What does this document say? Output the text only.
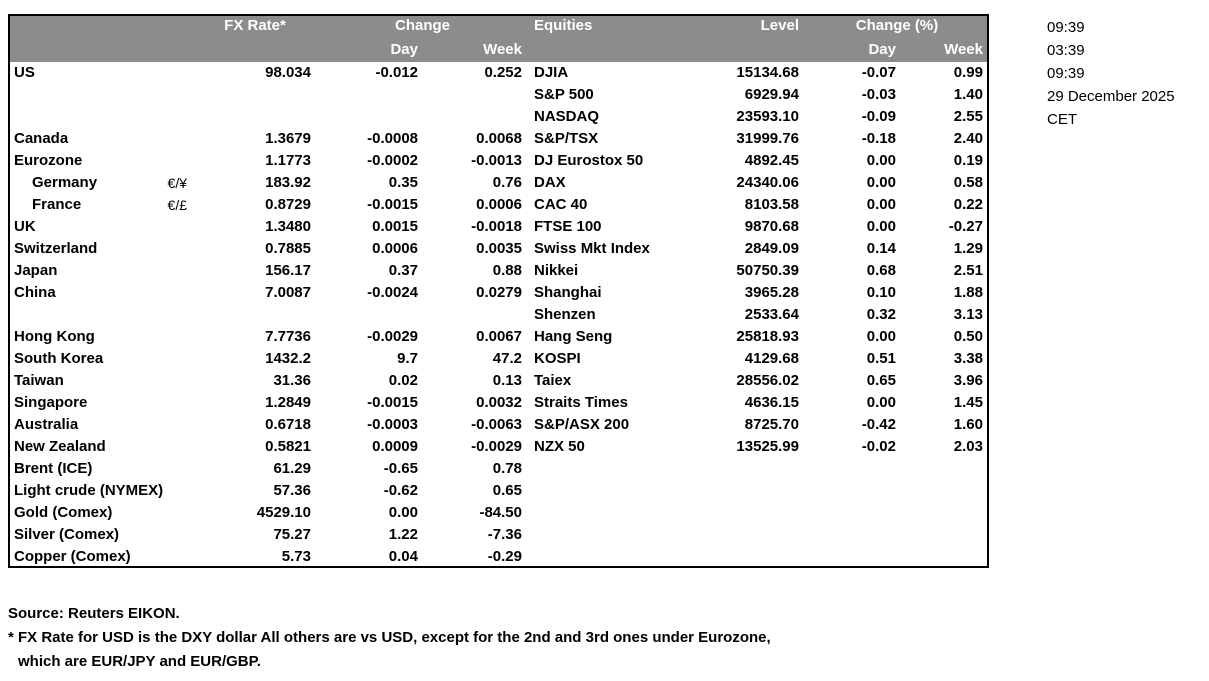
	FX Rate*	Change		Equities	Level	Change (%)	
		Day	Week			Day	Week

US	98.034	-0.012	0.252	DJIA	15134.68	-0.07	0.99

				S&P 500	6929.94	-0.03	1.40

				NASDAQ	23593.10	-0.09	2.55

Canada	1.3679	-0.0008	0.0068	S&P/TSX	31999.76	-0.18	2.40

Eurozone	1.1773	-0.0002	-0.0013	DJ Eurostox 50	4892.45	0.00	0.19

Germany €/¥	183.92	0.35	0.76	DAX	24340.06	0.00	0.58

France €/£	0.8729	-0.0015	0.0006	CAC 40	8103.58	0.00	0.22

UK	1.3480	0.0015	-0.0018	FTSE 100	9870.68	0.00	-0.27

Switzerland	0.7885	0.0006	0.0035	Swiss Mkt Index	2849.09	0.14	1.29

Japan	156.17	0.37	0.88	Nikkei	50750.39	0.68	2.51

China	7.0087	-0.0024	0.0279	Shanghai	3965.28	0.10	1.88

				Shenzen	2533.64	0.32	3.13

Hong Kong	7.7736	-0.0029	0.0067	Hang Seng	25818.93	0.00	0.50

South Korea	1432.2	9.7	47.2	KOSPI	4129.68	0.51	3.38

Taiwan	31.36	0.02	0.13	Taiex	28556.02	0.65	3.96

Singapore	1.2849	-0.0015	0.0032	Straits Times	4636.15	0.00	1.45

Australia	0.6718	-0.0003	-0.0063	S&P/ASX 200	8725.70	-0.42	1.60

New Zealand	0.5821	0.0009	-0.0029	NZX 50	13525.99	-0.02	2.03

Brent (ICE)	61.29	-0.65	0.78				

Light crude (NYMEX)	57.36	-0.62	0.65				

Gold (Comex)	4529.10	0.00	-84.50				

Silver (Comex)	75.27	1.22	-7.36				

Copper (Comex)	5.73	0.04	-0.29				
09:39
03:39
09:39
29 December 2025
CET
Source: Reuters EIKON.
* FX Rate for USD is the DXY dollar All others are vs USD, except for the 2nd and 3rd ones under Eurozone,
which are EUR/JPY and EUR/GBP.
